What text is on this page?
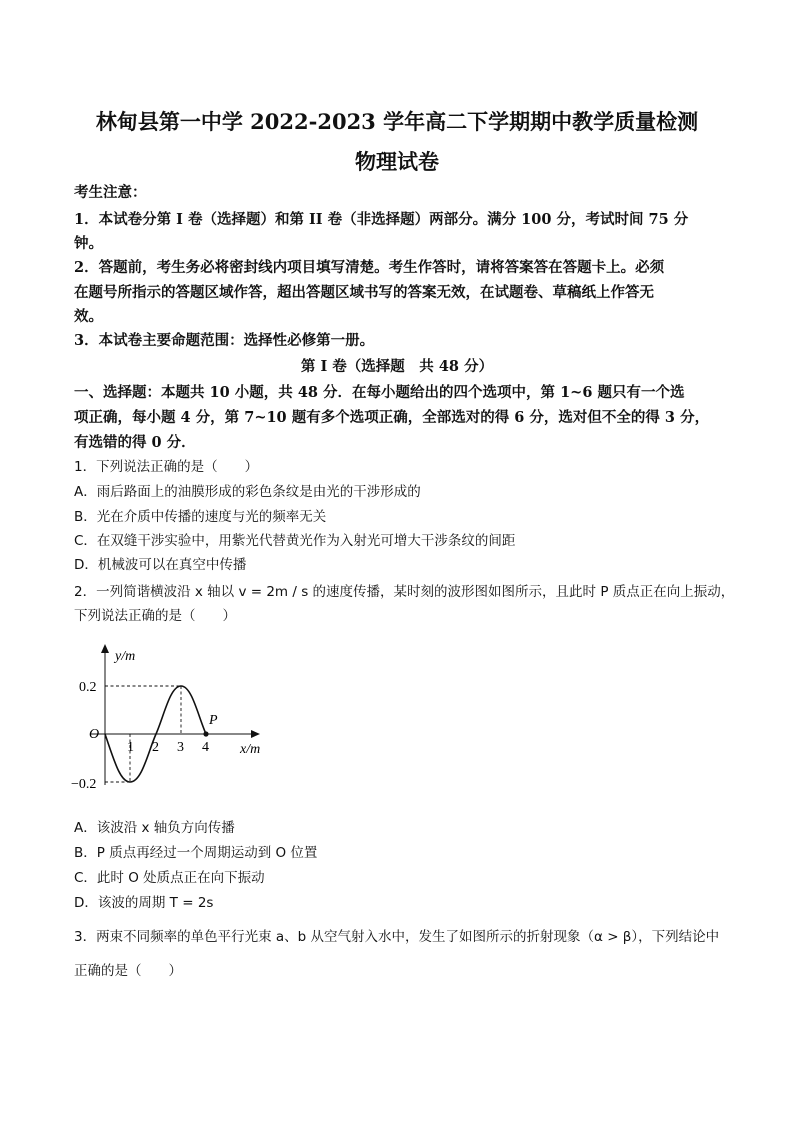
林甸县第一中学 2022-2023 学年高二下学期期中教学质量检测
物理试卷
考生注意：
1．本试卷分第 I 卷（选择题）和第 II 卷（非选择题）两部分。满分 100 分，考试时间 75 分
钟。
2．答题前，考生务必将密封线内项目填写清楚。考生作答时，请将答案答在答题卡上。必须
在题号所指示的答题区域作答，超出答题区域书写的答案无效，在试题卷、草稿纸上作答无
效。
3．本试卷主要命题范围：选择性必修第一册。
第 I 卷（选择题　共 48 分）
一、选择题：本题共 10 小题，共 48 分．在每小题给出的四个选项中，第 1~6 题只有一个选
项正确，每小题 4 分，第 7~10 题有多个选项正确，全部选对的得 6 分，选对但不全的得 3 分，
有选错的得 0 分．
1．下列说法正确的是（　　）
A．雨后路面上的油膜形成的彩色条纹是由光的干涉形成的
B．光在介质中传播的速度与光的频率无关
C．在双缝干涉实验中，用紫光代替黄光作为入射光可增大干涉条纹的间距
D．机械波可以在真空中传播
2．一列简谐横波沿 x 轴以 v = 2m / s 的速度传播，某时刻的波形图如图所示，且此时 P 质点正在向上振动，
下列说法正确的是（　　）
y/m
x/m
O
P
1 2 3 4
0.2
−0.2
A．该波沿 x 轴负方向传播
B．P 质点再经过一个周期运动到 O 位置
C．此时 O 处质点正在向下振动
D．该波的周期 T = 2s
3．两束不同频率的单色平行光束 a、b 从空气射入水中，发生了如图所示的折射现象（α > β），下列结论中
正确的是（　　）
